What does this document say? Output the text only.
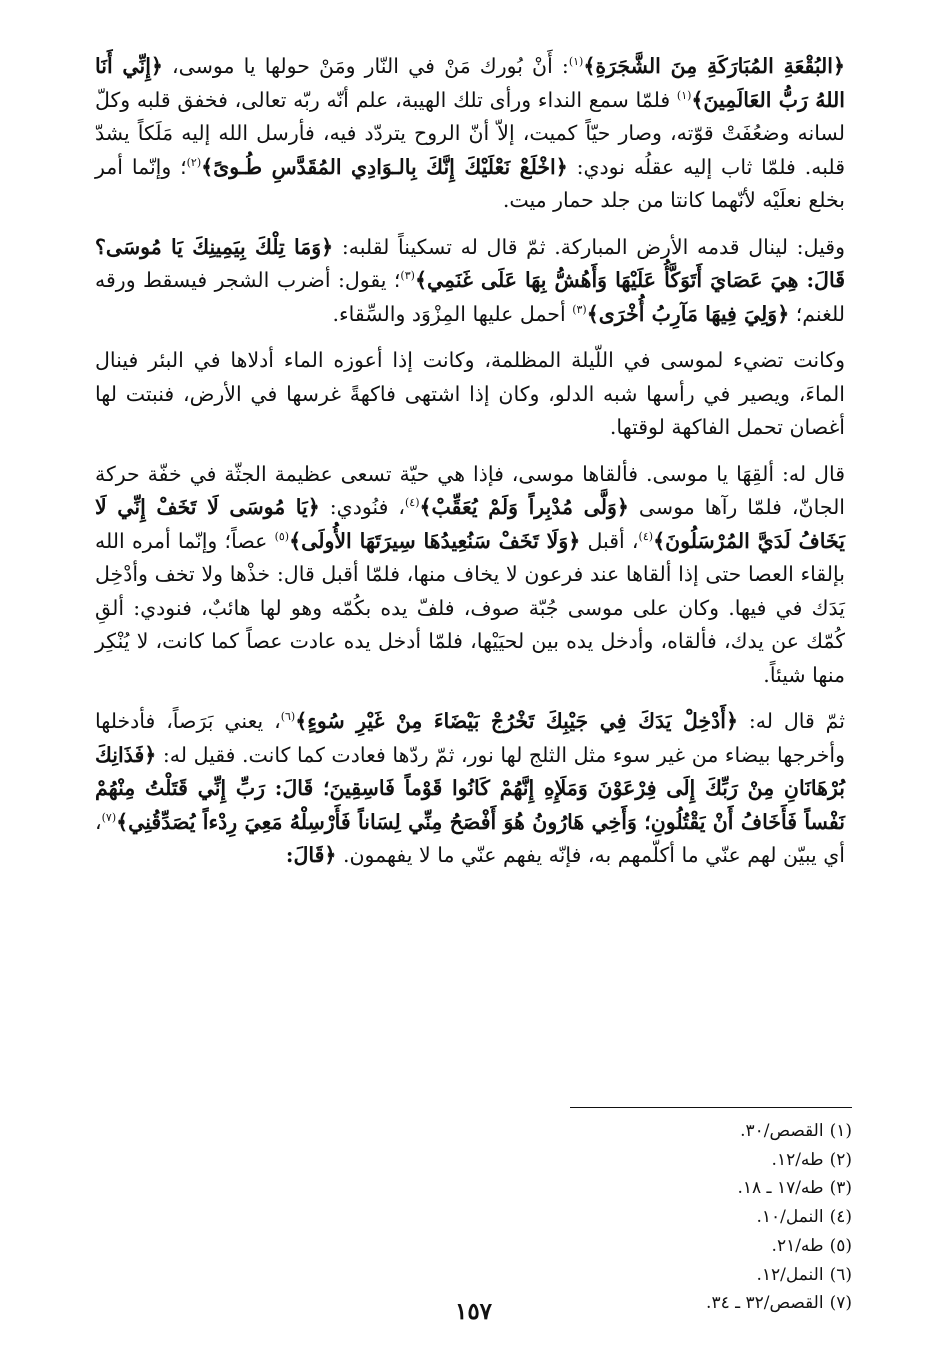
﴿البُقْعَةِ المُبَارَكَةِ مِنَ الشَّجَرَةِ﴾$^{(١)}$: أَنْ بُورك مَنْ في النّار ومَنْ حولها يا موسى، ﴿إِنِّي أَنَا اللهُ رَبُّ العَالَمِينَ﴾$^{(١)}$ فلمّا سمع النداء ورأى تلك الهيبة، علم أنّه ربّه تعالى، فخفق قلبه وكلّ لسانه وضعُفَتْ قوّته، وصار حيّاً كميت، إلاّ أنّ الروح يتردّد فيه، فأرسل الله إليه مَلَكاً يشدّ قلبه. فلمّا ثاب إليه عقلُه نودي: ﴿اخْلَعْ نَعْلَيْكَ إِنَّكَ بِالـوَادِي المُقَدَّسِ طُـوىً﴾$^{(٢)}$؛ وإنّما أمر بخلع نعلَيْه لأنّهما كانتا من جلد حمار ميت.

وقيل: لينال قدمه الأرض المباركة. ثمّ قال له تسكيناً لقلبه: ﴿وَمَا تِلْكَ بِيَمِينِكَ يَا مُوسَى؟ قَالَ: هِيَ عَصَايَ أَتَوَكَّأُ عَلَيْهَا وَأَهُشُّ بِهَا عَلَى غَنَمِي﴾$^{(٣)}$؛ يقول: أضرب الشجر فيسقط ورقه للغنم؛ ﴿وَلِيَ فِيهَا مَآرِبُ أُخْرَى﴾$^{(٣)}$ أحمل عليها المِزْوَد والسِّقاء.

وكانت تضيء لموسى في اللّيلة المظلمة، وكانت إذا أعوزه الماء أدلاها في البئر فينال الماءَ، ويصير في رأسها شبه الدلو، وكان إذا اشتهى فاكهةً غرسها في الأرض، فنبتت لها أغصان تحمل الفاكهة لوقتها.

قال له: ألقِهَا يا موسى. فألقاها موسى، فإذا هي حيّة تسعى عظيمة الجثّة في خفّة حركة الجانّ، فلمّا رآها موسى ﴿وَلَّى مُدْبِراً وَلَمْ يُعَقِّبْ﴾$^{(٤)}$، فنُودي: ﴿يَا مُوسَى لَا تَخَفْ إِنِّي لَا يَخَافُ لَدَيَّ المُرْسَلُونَ﴾$^{(٤)}$، أقبل ﴿وَلَا تَخَفْ سَنُعِيدُهَا سِيرَتَهَا الأُولَى﴾$^{(٥)}$ عصاً؛ وإنّما أمره الله بإلقاء العصا حتى إذا ألقاها عند فرعون لا يخاف منها، فلمّا أقبل قال: خذْها ولا تخف وأدْخِل يَدَك في فيها. وكان على موسى جُبّة صوف، فلفّ يده بكُمّه وهو لها هائبٌ، فنودي: ألقِ كُمّك عن يدك، فألقاه، وأدخل يده بين لحيَيْها، فلمّا أدخل يده عادت عصاً كما كانت، لا يُنْكِر منها شيئاً.

ثمّ قال له: ﴿أَدْخِلْ يَدَكَ فِي جَيْبِكَ تَخْرُجْ بَيْضَاءَ مِنْ غَيْرِ سُوءٍ﴾$^{(٦)}$، يعني بَرَصاً، فأدخلها وأخرجها بيضاء من غير سوء مثل الثلج لها نور، ثمّ ردّها فعادت كما كانت. فقيل له: ﴿فَذَانِكَ بُرْهَانَانِ مِنْ رَبِّكَ إِلَى فِرْعَوْنَ وَمَلَإِهِ إِنَّهُمْ كَانُوا قَوْماً فَاسِقِينَ؛ قَالَ: رَبِّ إِنِّي قَتَلْتُ مِنْهُمْ نَفْساً فَأَخَافُ أَنْ يَقْتُلُونِ؛ وَأَخِي هَارُونُ هُوَ أَفْصَحُ مِنِّي لِسَاناً فَأَرْسِلْهُ مَعِيَ رِدْءاً يُصَدِّقُنِي﴾$^{(٧)}$، أي يبيّن لهم عنّي ما أكلّمهم به، فإنّه يفهم عنّي ما لا يفهمون. ﴿قَالَ:

(١)القصص/٣٠.
(٢)طه/١٢.
(٣)طه/١٧ ـ ١٨.
(٤)النمل/١٠.
(٥)طه/٢١.
(٦)النمل/١٢.
(٧)القصص/٣٢ ـ ٣٤.
١٥٧
